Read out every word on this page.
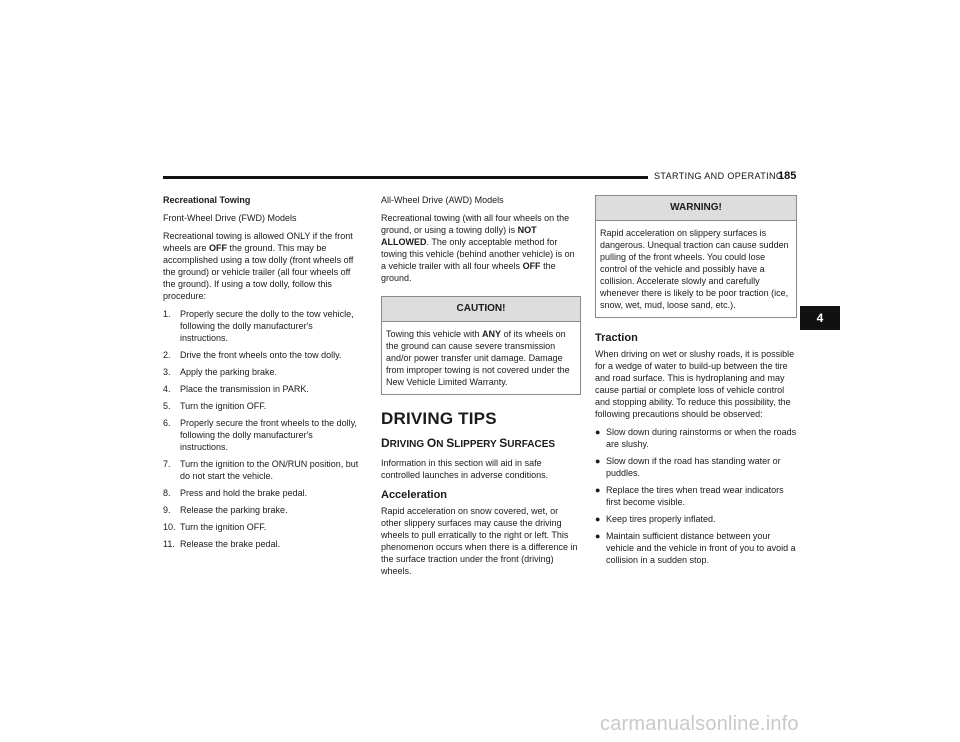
STARTING AND OPERATING
185

Recreational Towing

Front-Wheel Drive (FWD) Models

Recreational towing is allowed ONLY if the front wheels are OFF the ground. This may be accomplished using a tow dolly (front wheels off the ground) or vehicle trailer (all four wheels off the ground). If using a tow dolly, follow this procedure:

1. Properly secure the dolly to the tow vehicle, following the dolly manufacturer's instructions.
2. Drive the front wheels onto the tow dolly.
3. Apply the parking brake.
4. Place the transmission in PARK.
5. Turn the ignition OFF.
6. Properly secure the front wheels to the dolly, following the dolly manufacturer's instructions.
7. Turn the ignition to the ON/RUN position, but do not start the vehicle.
8. Press and hold the brake pedal.
9. Release the parking brake.
10. Turn the ignition OFF.
11. Release the brake pedal.

All-Wheel Drive (AWD) Models

Recreational towing (with all four wheels on the ground, or using a towing dolly) is NOT ALLOWED. The only acceptable method for towing this vehicle (behind another vehicle) is on a vehicle trailer with all four wheels OFF the ground.

CAUTION!
Towing this vehicle with ANY of its wheels on the ground can cause severe transmission and/or power transfer unit damage. Damage from improper towing is not covered under the New Vehicle Limited Warranty.
DRIVING TIPS
DRIVING ON SLIPPERY SURFACES

Information in this section will aid in safe controlled launches in adverse conditions.

Acceleration

Rapid acceleration on snow covered, wet, or other slippery surfaces may cause the driving wheels to pull erratically to the right or left. This phenomenon occurs when there is a difference in the surface traction under the front (driving) wheels.

WARNING!
Rapid acceleration on slippery surfaces is dangerous. Unequal traction can cause sudden pulling of the front wheels. You could lose control of the vehicle and possibly have a collision. Accelerate slowly and carefully whenever there is likely to be poor traction (ice, snow, wet, mud, loose sand, etc.).
Traction

When driving on wet or slushy roads, it is possible for a wedge of water to build-up between the tire and road surface. This is hydroplaning and may cause partial or complete loss of vehicle control and stopping ability. To reduce this possibility, the following precautions should be observed:

● Slow down during rainstorms or when the roads are slushy.
● Slow down if the road has standing water or puddles.
● Replace the tires when tread wear indicators first become visible.
● Keep tires properly inflated.
● Maintain sufficient distance between your vehicle and the vehicle in front of you to avoid a collision in a sudden stop.
4
carmanualsonline.info
